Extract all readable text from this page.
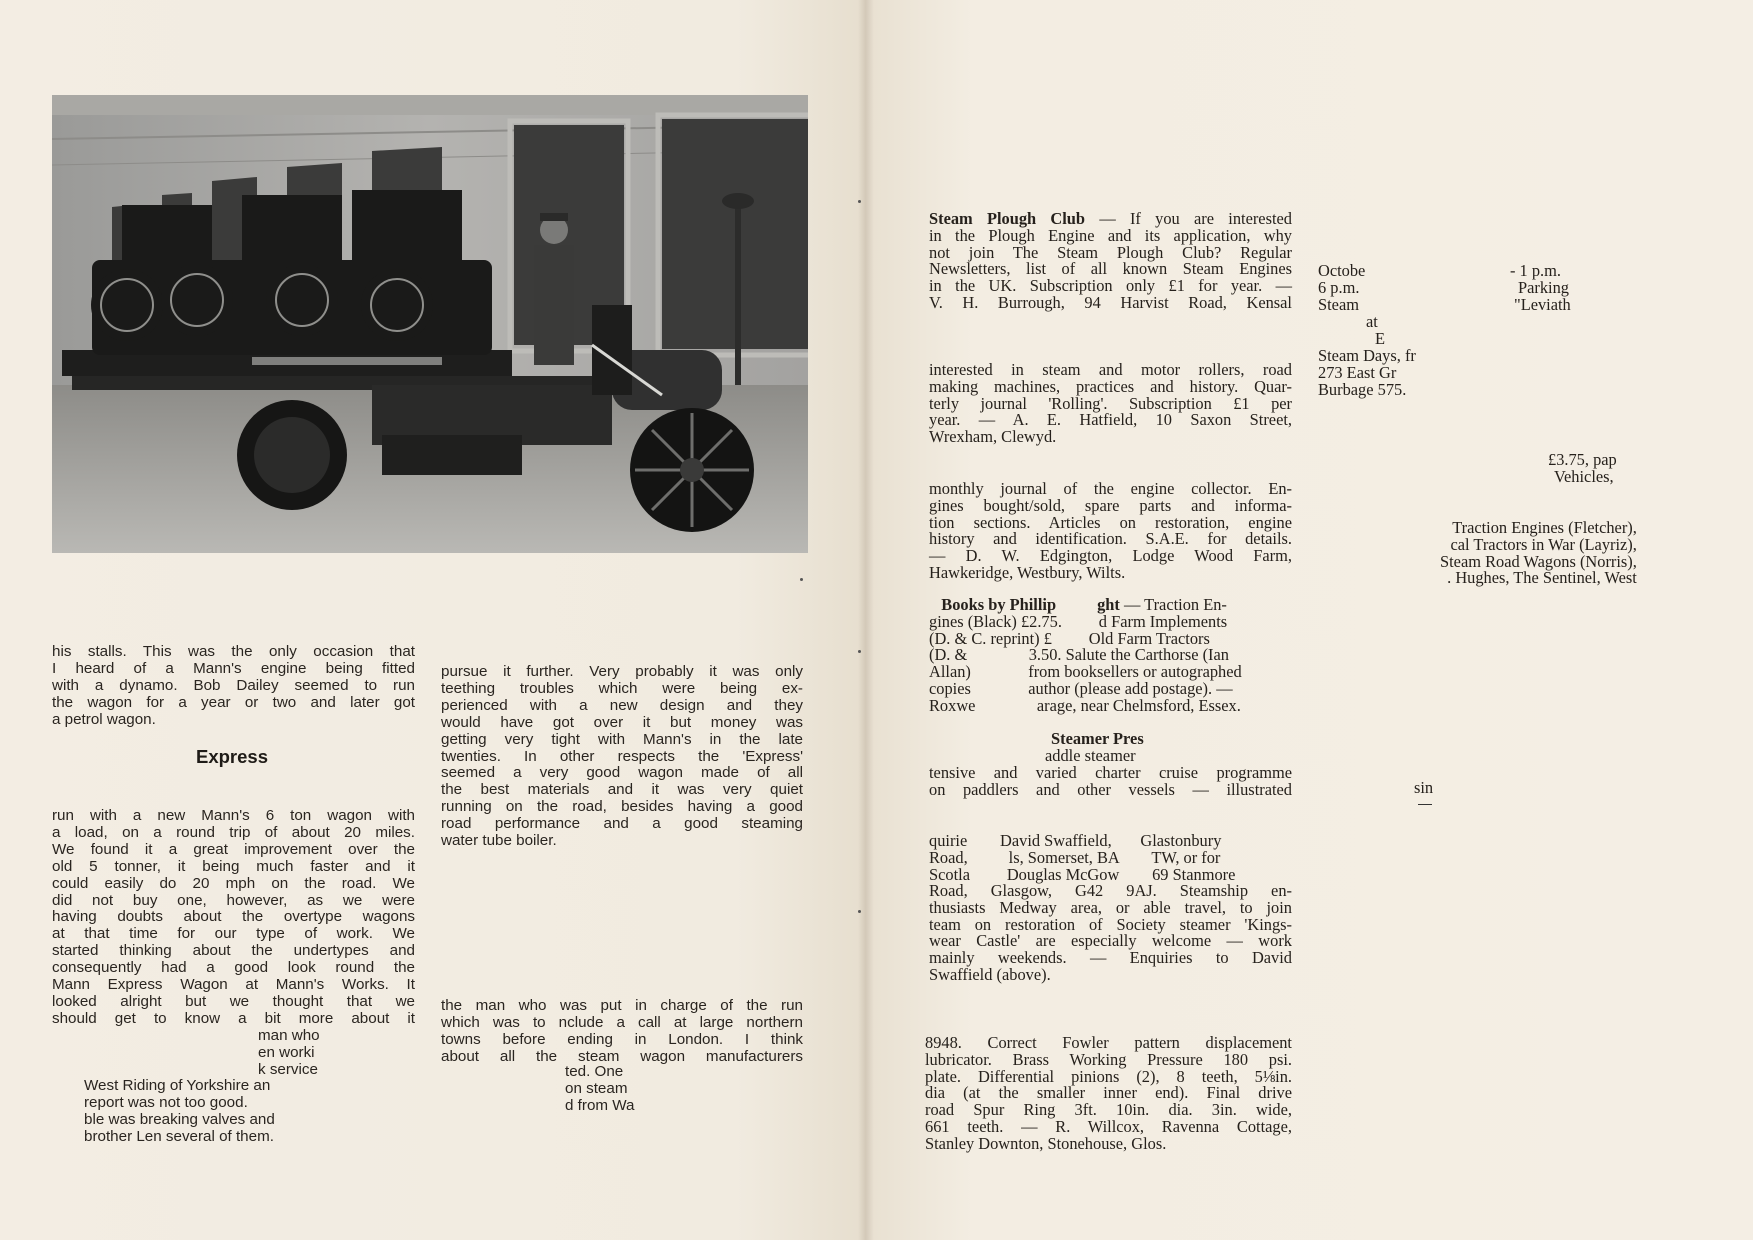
his stalls. This was the only occasion that

I heard of a Mann's engine being fitted

with a dynamo. Bob Dailey seemed to run

the wagon for a year or two and later got

a petrol wagon.

Express

run with a new Mann's 6 ton wagon with

a load, on a round trip of about 20 miles.

We found it a great improvement over the

old 5 tonner, it being much faster and it

could easily do 20 mph on the road. We

did not buy one, however, as we were

having doubts about the overtype wagons

at that time for our type of work. We

started thinking about the undertypes and

consequently had a good look round the

Mann Express Wagon at Mann's Works. It

looked alright but we thought that we

should get to know a bit more about it

man who

en worki

k service

West Riding of Yorkshire an

report was not too good.

ble was breaking valves and

brother Len several of them.

pursue it further. Very probably it was only

teething troubles which were being ex-

perienced with a new design and they

would have got over it but money was

getting very tight with Mann's in the late

twenties. In other respects the 'Express'

seemed a very good wagon made of all

the best materials and it was very quiet

running on the road, besides having a good

road performance and a good steaming

water tube boiler.

the man who was put in charge of the run

which was to nclude a call at large northern

towns before ending in London. I think

about all the steam wagon manufacturers

ted. One

on steam

d from Wa

Steam Plough Club — If you are interested

in the Plough Engine and its application, why

not join The Steam Plough Club? Regular

Newsletters, list of all known Steam Engines

in the UK. Subscription only £1 for year. —

V. H. Burrough, 94 Harvist Road, Kensal

interested in steam and motor rollers, road

making machines, practices and history. Quar-

terly journal 'Rolling'. Subscription £1 per

year. — A. E. Hatfield, 10 Saxon Street,

Wrexham, Clewyd.

monthly journal of the engine collector. En-

gines bought/sold, spare parts and informa-

tion sections. Articles on restoration, engine

history and identification. S.A.E. for details.

— D. W. Edgington, Lodge Wood Farm,

Hawkeridge, Westbury, Wilts.

Books by Phillip ght — Traction En-

gines (Black) £2.75.         d Farm Implements

(D. & C. reprint) £         Old Farm Tractors

(D. &               3.50. Salute the Carthorse (Ian

Allan)              from booksellers or autographed

copies              author (please add postage). —

Roxwe               arage, near Chelmsford, Essex.

Steamer Pres

addle steamer

tensive and varied charter cruise programme

on paddlers and other vessels — illustrated

quirie        David Swaffield,       Glastonbury

Road,          ls, Somerset, BA        TW, or for

Scotla         Douglas McGow        69 Stanmore

Road, Glasgow, G42 9AJ. Steamship en-

thusiasts Medway area, or able travel, to join

team on restoration of Society steamer 'Kings-

wear Castle' are especially welcome — work

mainly weekends. — Enquiries to David

Swaffield (above).

8948. Correct Fowler pattern displacement

lubricator. Brass Working Pressure 180 psi.

plate. Differential pinions (2), 8 teeth, 5⅛in.

dia (at the smaller inner end). Final drive

road Spur Ring 3ft. 10in. dia. 3in. wide,

661 teeth. — R. Willcox, Ravenna Cottage,

Stanley Downton, Stonehouse, Glos.

Octobe

6 p.m.

Steam

at
E

Steam Days, fr

273 East Gr

Burbage 575.

- 1 p.m.

Parking

"Leviath

£3.75, pap

Vehicles,

Traction Engines (Fletcher),

cal Tractors in War (Layriz),

Steam Road Wagons (Norris),

. Hughes, The Sentinel, West

sin
